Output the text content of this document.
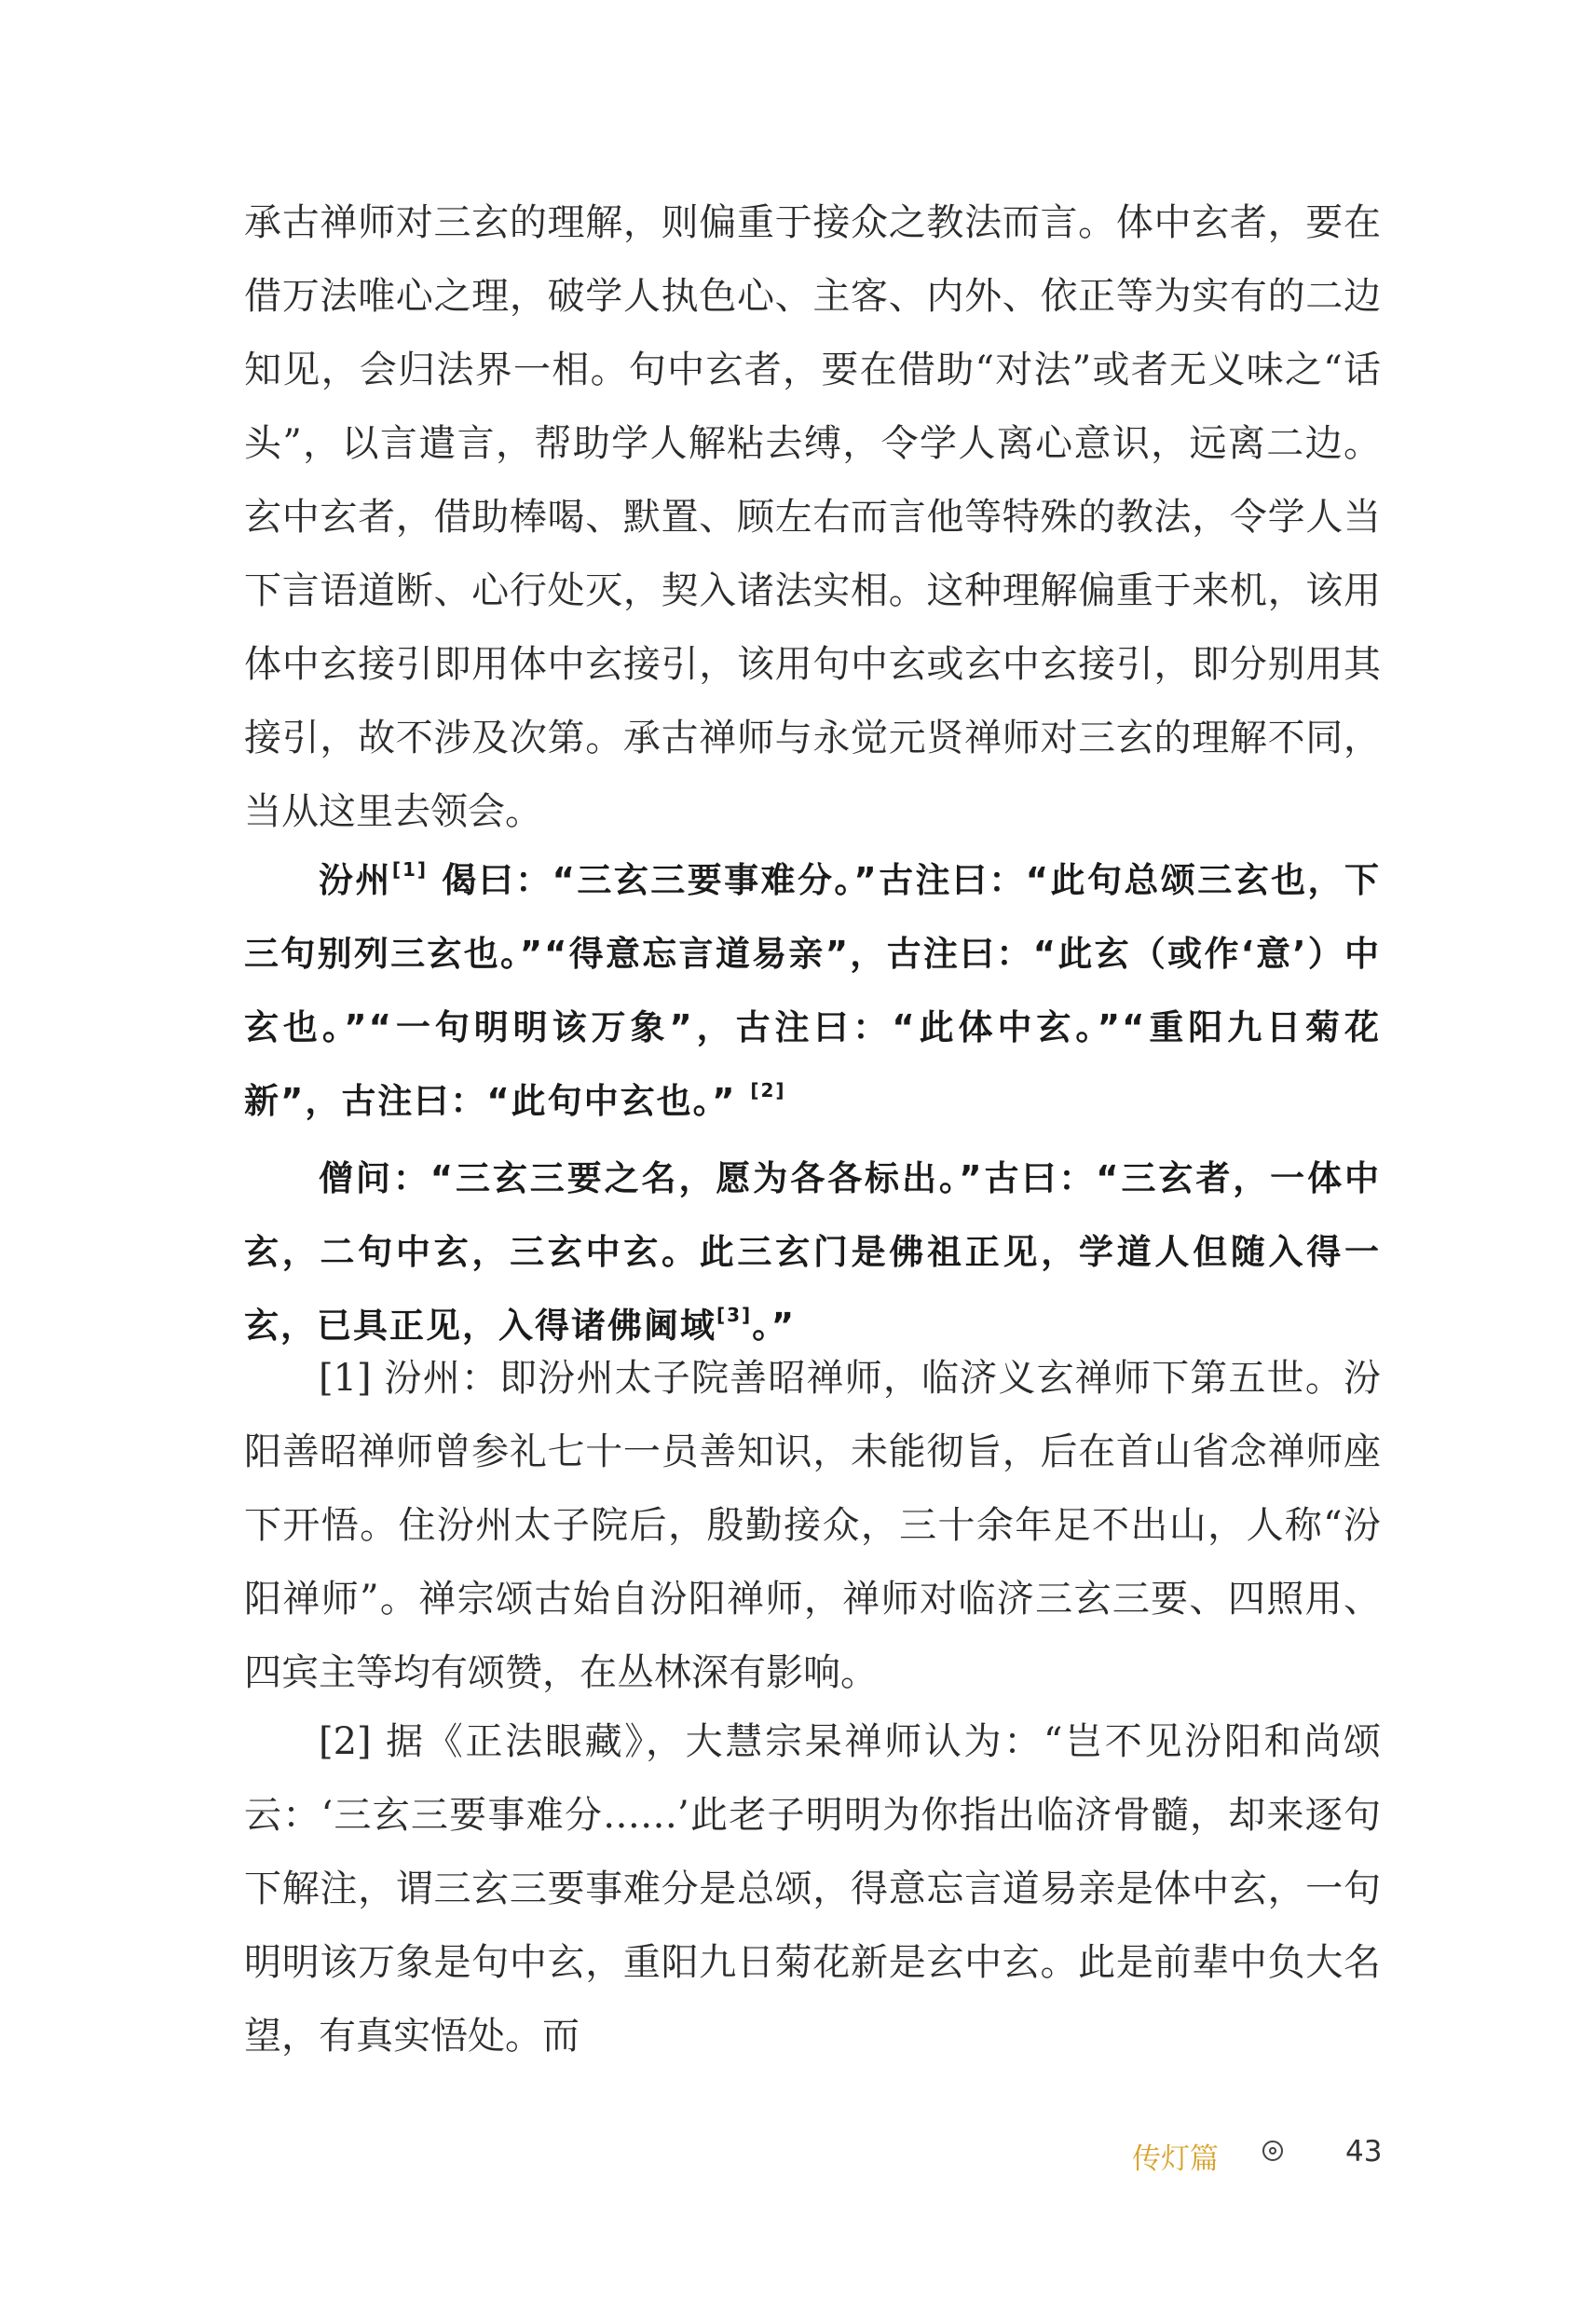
承古禅师对三玄的理解，则偏重于接众之教法而言。体中玄者，要在借万法唯心之理，破学人执色心、主客、内外、依正等为实有的二边知见，会归法界一相。句中玄者，要在借助“对法”或者无义味之“话头”，以言遣言，帮助学人解粘去缚，令学人离心意识，远离二边。玄中玄者，借助棒喝、默置、顾左右而言他等特殊的教法，令学人当下言语道断、心行处灭，契入诸法实相。这种理解偏重于来机，该用体中玄接引即用体中玄接引，该用句中玄或玄中玄接引，即分别用其接引，故不涉及次第。承古禅师与永觉元贤禅师对三玄的理解不同，当从这里去领会。

汾州[1] 偈曰：“三玄三要事难分。”古注曰：“此句总颂三玄也，下三句别列三玄也。”“得意忘言道易亲”，古注曰：“此玄（或作‘意’）中玄也。”“一句明明该万象”，古注曰：“此体中玄。”“重阳九日菊花新”，古注曰：“此句中玄也。” [2]

僧问：“三玄三要之名，愿为各各标出。”古曰：“三玄者，一体中玄，二句中玄，三玄中玄。此三玄门是佛祖正见，学道人但随入得一玄，已具正见，入得诸佛阃域[3]。”

[1] 汾州：即汾州太子院善昭禅师，临济义玄禅师下第五世。汾阳善昭禅师曾参礼七十一员善知识，未能彻旨，后在首山省念禅师座下开悟。住汾州太子院后，殷勤接众，三十余年足不出山，人称“汾阳禅师”。禅宗颂古始自汾阳禅师，禅师对临济三玄三要、四照用、四宾主等均有颂赞，在丛林深有影响。

[2] 据《正法眼藏》，大慧宗杲禅师认为：“岂不见汾阳和尚颂云：‘三玄三要事难分……’此老子明明为你指出临济骨髓，却来逐句下解注，谓三玄三要事难分是总颂，得意忘言道易亲是体中玄，一句明明该万象是句中玄，重阳九日菊花新是玄中玄。此是前辈中负大名望，有真实悟处。而

传灯篇	43
